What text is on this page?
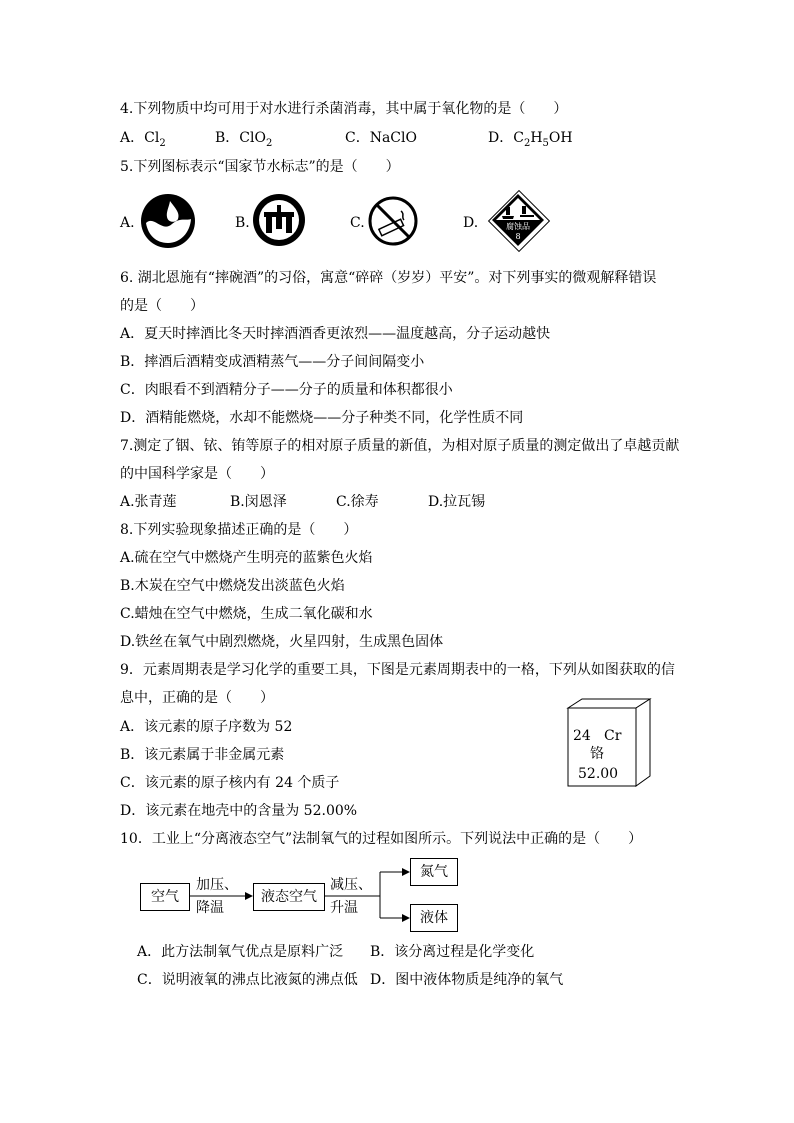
4.下列物质中均可用于对水进行杀菌消毒，其中属于氧化物的是（　　）
A．$Cl_2$	B．ClO$_2$	C．NaClO	D．$C_2H_5OH$
5.下列图标表示“国家节水标志”的是（　　）
A.	B.	C.	D.	腐蚀品
8
6. 湖北恩施有“摔碗酒”的习俗，寓意“碎碎（岁岁）平安”。对下列事实的微观解释错误
的是（　　）
A．夏天时摔酒比冬天时摔酒酒香更浓烈——温度越高，分子运动越快
B．摔酒后酒精变成酒精蒸气——分子间间隔变小
C．肉眼看不到酒精分子——分子的质量和体积都很小
D．酒精能燃烧，水却不能燃烧——分子种类不同，化学性质不同
7.测定了铟、铱、铕等原子的相对原子质量的新值，为相对原子质量的测定做出了卓越贡献
的中国科学家是（　　）
A.张青莲	B.闵恩泽	C.徐寿	D.拉瓦锡
8.下列实验现象描述正确的是（　　）
A.硫在空气中燃烧产生明亮的蓝紫色火焰
B.木炭在空气中燃烧发出淡蓝色火焰
C.蜡烛在空气中燃烧，生成二氧化碳和水
D.铁丝在氧气中剧烈燃烧，火星四射，生成黑色固体
9．元素周期表是学习化学的重要工具，下图是元素周期表中的一格，下列从如图获取的信
息中，正确的是（　　）
A．该元素的原子序数为 52
B．该元素属于非金属元素
C．该元素的原子核内有 24 个质子
D．该元素在地壳中的含量为 52.00%
24 Cr
铬
52.00
10．工业上“分离液态空气”法制氧气的过程如图所示。下列说法中正确的是（　　）
空气
加压、
降温
液态空气
减压、
升温
氮气
液体
A．此方法制氧气优点是原料广泛 B．该分离过程是化学变化
C．说明液氧的沸点比液氮的沸点低 D．图中液体物质是纯净的氧气
